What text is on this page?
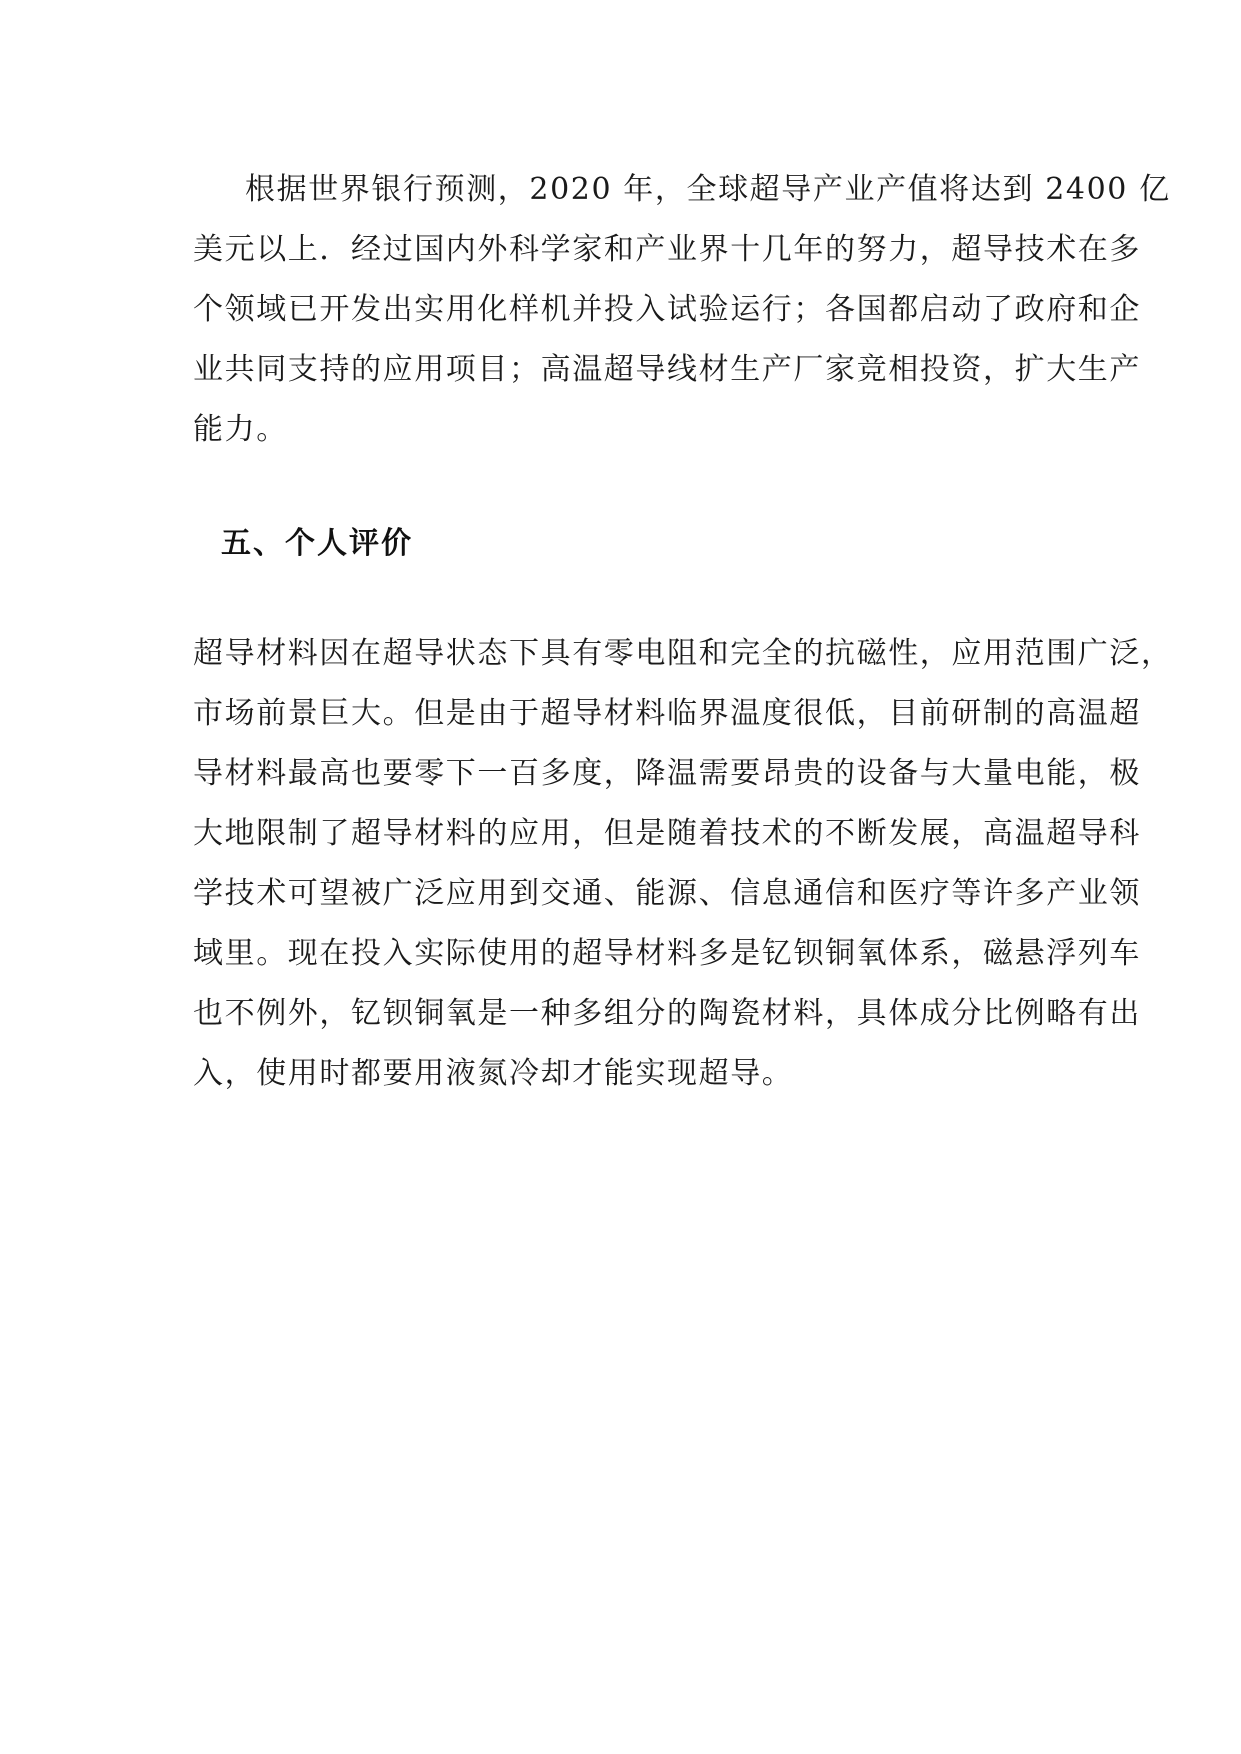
根据世界银行预测，2020 年，全球超导产业产值将达到 2400 亿
美元以上．经过国内外科学家和产业界十几年的努力，超导技术在多
个领域已开发出实用化样机并投入试验运行；各国都启动了政府和企
业共同支持的应用项目；高温超导线材生产厂家竞相投资，扩大生产
能力。
五、个人评价
超导材料因在超导状态下具有零电阻和完全的抗磁性，应用范围广泛，
市场前景巨大。但是由于超导材料临界温度很低，目前研制的高温超
导材料最高也要零下一百多度，降温需要昂贵的设备与大量电能，极
大地限制了超导材料的应用，但是随着技术的不断发展，高温超导科
学技术可望被广泛应用到交通、能源、信息通信和医疗等许多产业领
域里。现在投入实际使用的超导材料多是钇钡铜氧体系，磁悬浮列车
也不例外，钇钡铜氧是一种多组分的陶瓷材料，具体成分比例略有出
入，使用时都要用液氮冷却才能实现超导。
